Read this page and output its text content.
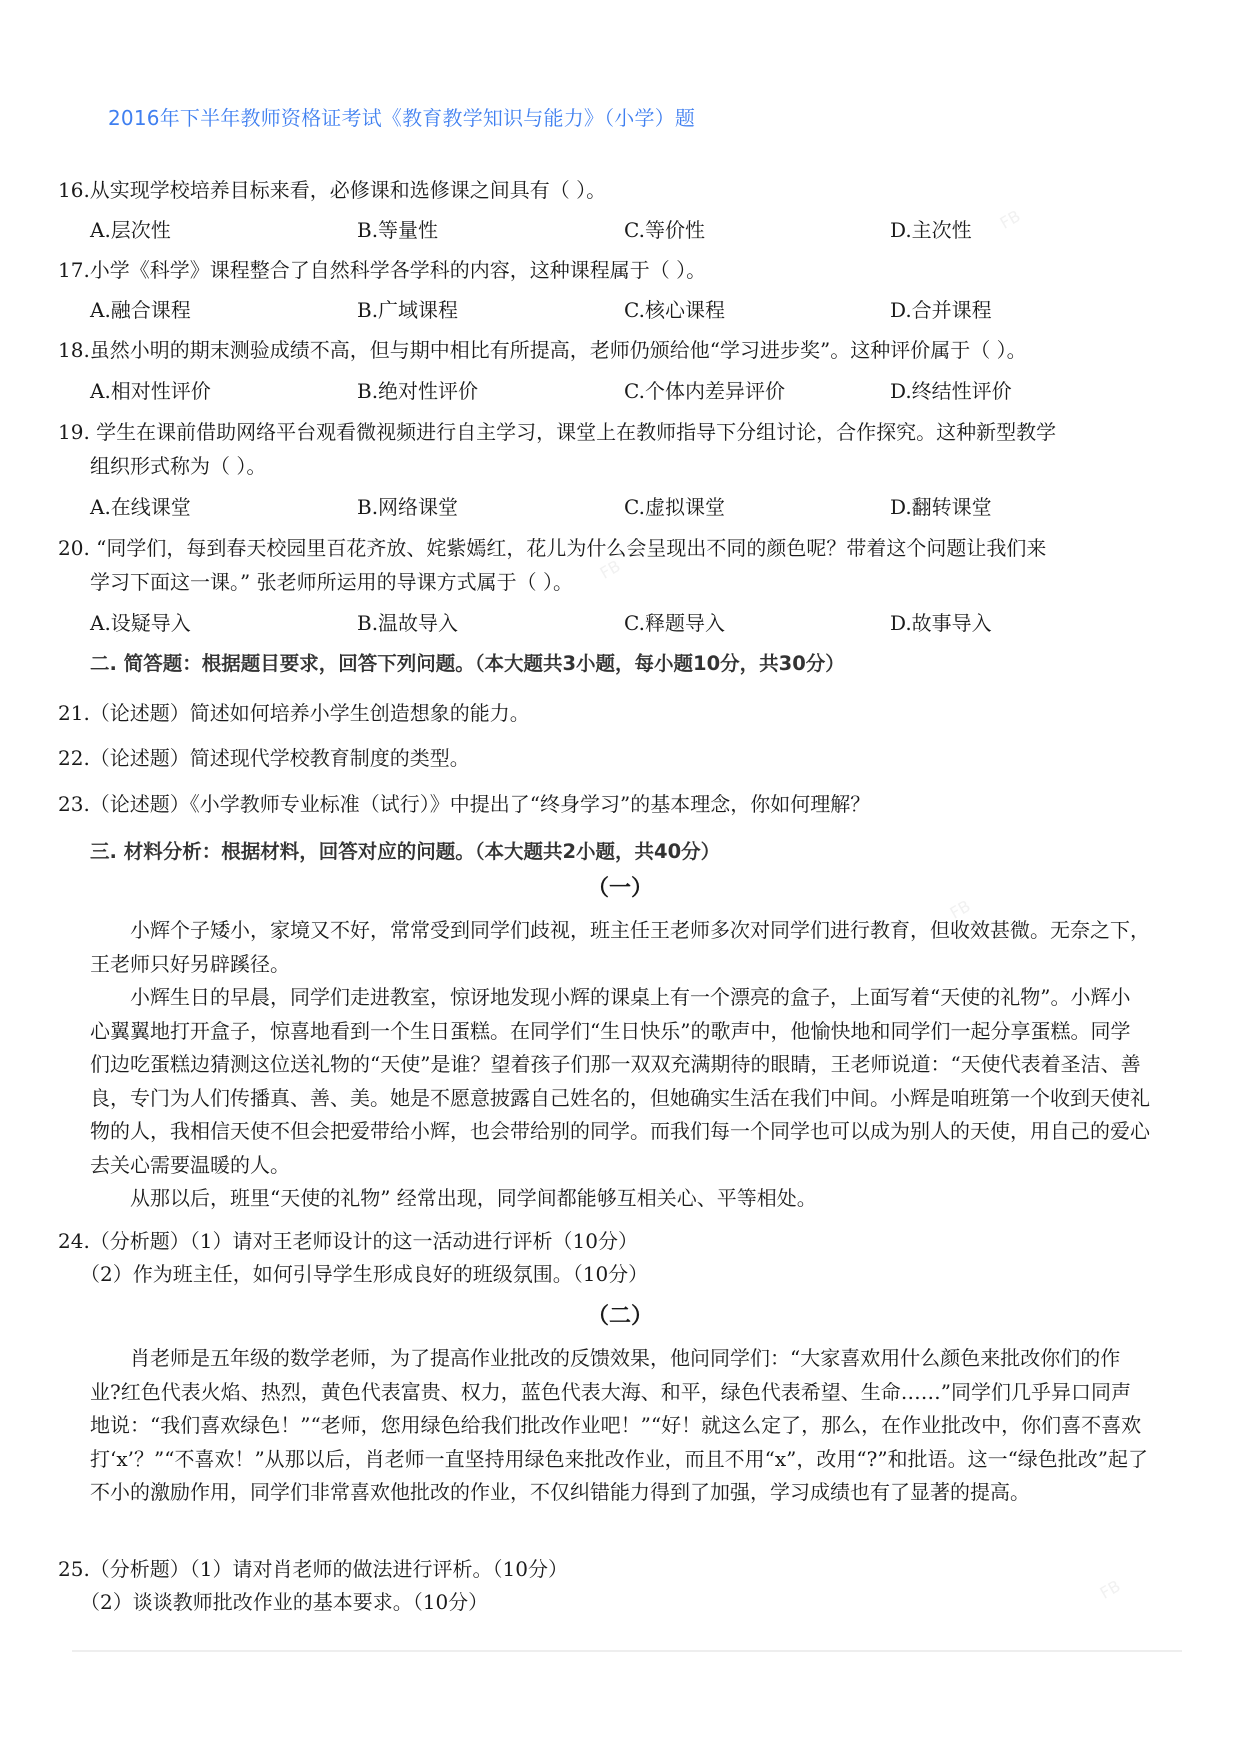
2016年下半年教师资格证考试《教育教学知识与能力》（小学）题
16.从实现学校培养目标来看，必修课和选修课之间具有（ ）。
A.层次性	B.等量性	C.等价性	D.主次性
17.小学《科学》课程整合了自然科学各学科的内容，这种课程属于（ ）。
A.融合课程	B.广域课程	C.核心课程	D.合并课程
18.虽然小明的期末测验成绩不高，但与期中相比有所提高，老师仍颁给他“学习进步奖”。这种评价属于（ ）。
A.相对性评价	B.绝对性评价	C.个体内差异评价	D.终结性评价
19. 学生在课前借助网络平台观看微视频进行自主学习，课堂上在教师指导下分组讨论，合作探究。这种新型教学
组织形式称为（ ）。
A.在线课堂	B.网络课堂	C.虚拟课堂	D.翻转课堂
20. “同学们，每到春天校园里百花齐放、姹紫嫣红，花儿为什么会呈现出不同的颜色呢？带着这个问题让我们来
学习下面这一课。” 张老师所运用的导课方式属于（ ）。
A.设疑导入	B.温故导入	C.释题导入	D.故事导入
二. 简答题：根据题目要求，回答下列问题。（本大题共3小题，每小题10分，共30分）
21.（论述题）简述如何培养小学生创造想象的能力。
22.（论述题）简述现代学校教育制度的类型。
23.（论述题）《小学教师专业标准（试行）》中提出了“终身学习”的基本理念，你如何理解？
三. 材料分析：根据材料，回答对应的问题。（本大题共2小题，共40分）
（一）

小辉个子矮小，家境又不好，常常受到同学们歧视，班主任王老师多次对同学们进行教育，但收效甚微。无奈之下，王老师只好另辟蹊径。

小辉生日的早晨，同学们走进教室，惊讶地发现小辉的课桌上有一个漂亮的盒子，上面写着“天使的礼物”。小辉小心翼翼地打开盒子，惊喜地看到一个生日蛋糕。在同学们“生日快乐”的歌声中，他愉快地和同学们一起分享蛋糕。同学们边吃蛋糕边猜测这位送礼物的“天使”是谁？望着孩子们那一双双充满期待的眼睛，王老师说道：“天使代表着圣洁、善良，专门为人们传播真、善、美。她是不愿意披露自己姓名的，但她确实生活在我们中间。小辉是咱班第一个收到天使礼物的人，我相信天使不但会把爱带给小辉，也会带给别的同学。而我们每一个同学也可以成为别人的天使，用自己的爱心去关心需要温暖的人。

从那以后，班里“天使的礼物” 经常出现，同学间都能够互相关心、平等相处。

24.（分析题）（1）请对王老师设计的这一活动进行评析（10分）
（2）作为班主任，如何引导学生形成良好的班级氛围。（10分）
（二）

肖老师是五年级的数学老师，为了提高作业批改的反馈效果，他问同学们：“大家喜欢用什么颜色来批改你们的作业?红色代表火焰、热烈，黄色代表富贵、权力，蓝色代表大海、和平，绿色代表希望、生命……”同学们几乎异口同声地说：“我们喜欢绿色！”“老师，您用绿色给我们批改作业吧！”“好！就这么定了，那么，在作业批改中，你们喜不喜欢打‘x’？”“不喜欢！”从那以后，肖老师一直坚持用绿色来批改作业，而且不用“x”，改用“?”和批语。这一“绿色批改”起了不小的激励作用，同学们非常喜欢他批改的作业，不仅纠错能力得到了加强，学习成绩也有了显著的提高。

25.（分析题）（1）请对肖老师的做法进行评析。（10分）
（2）谈谈教师批改作业的基本要求。（10分）
FB
FB
FB
FB
